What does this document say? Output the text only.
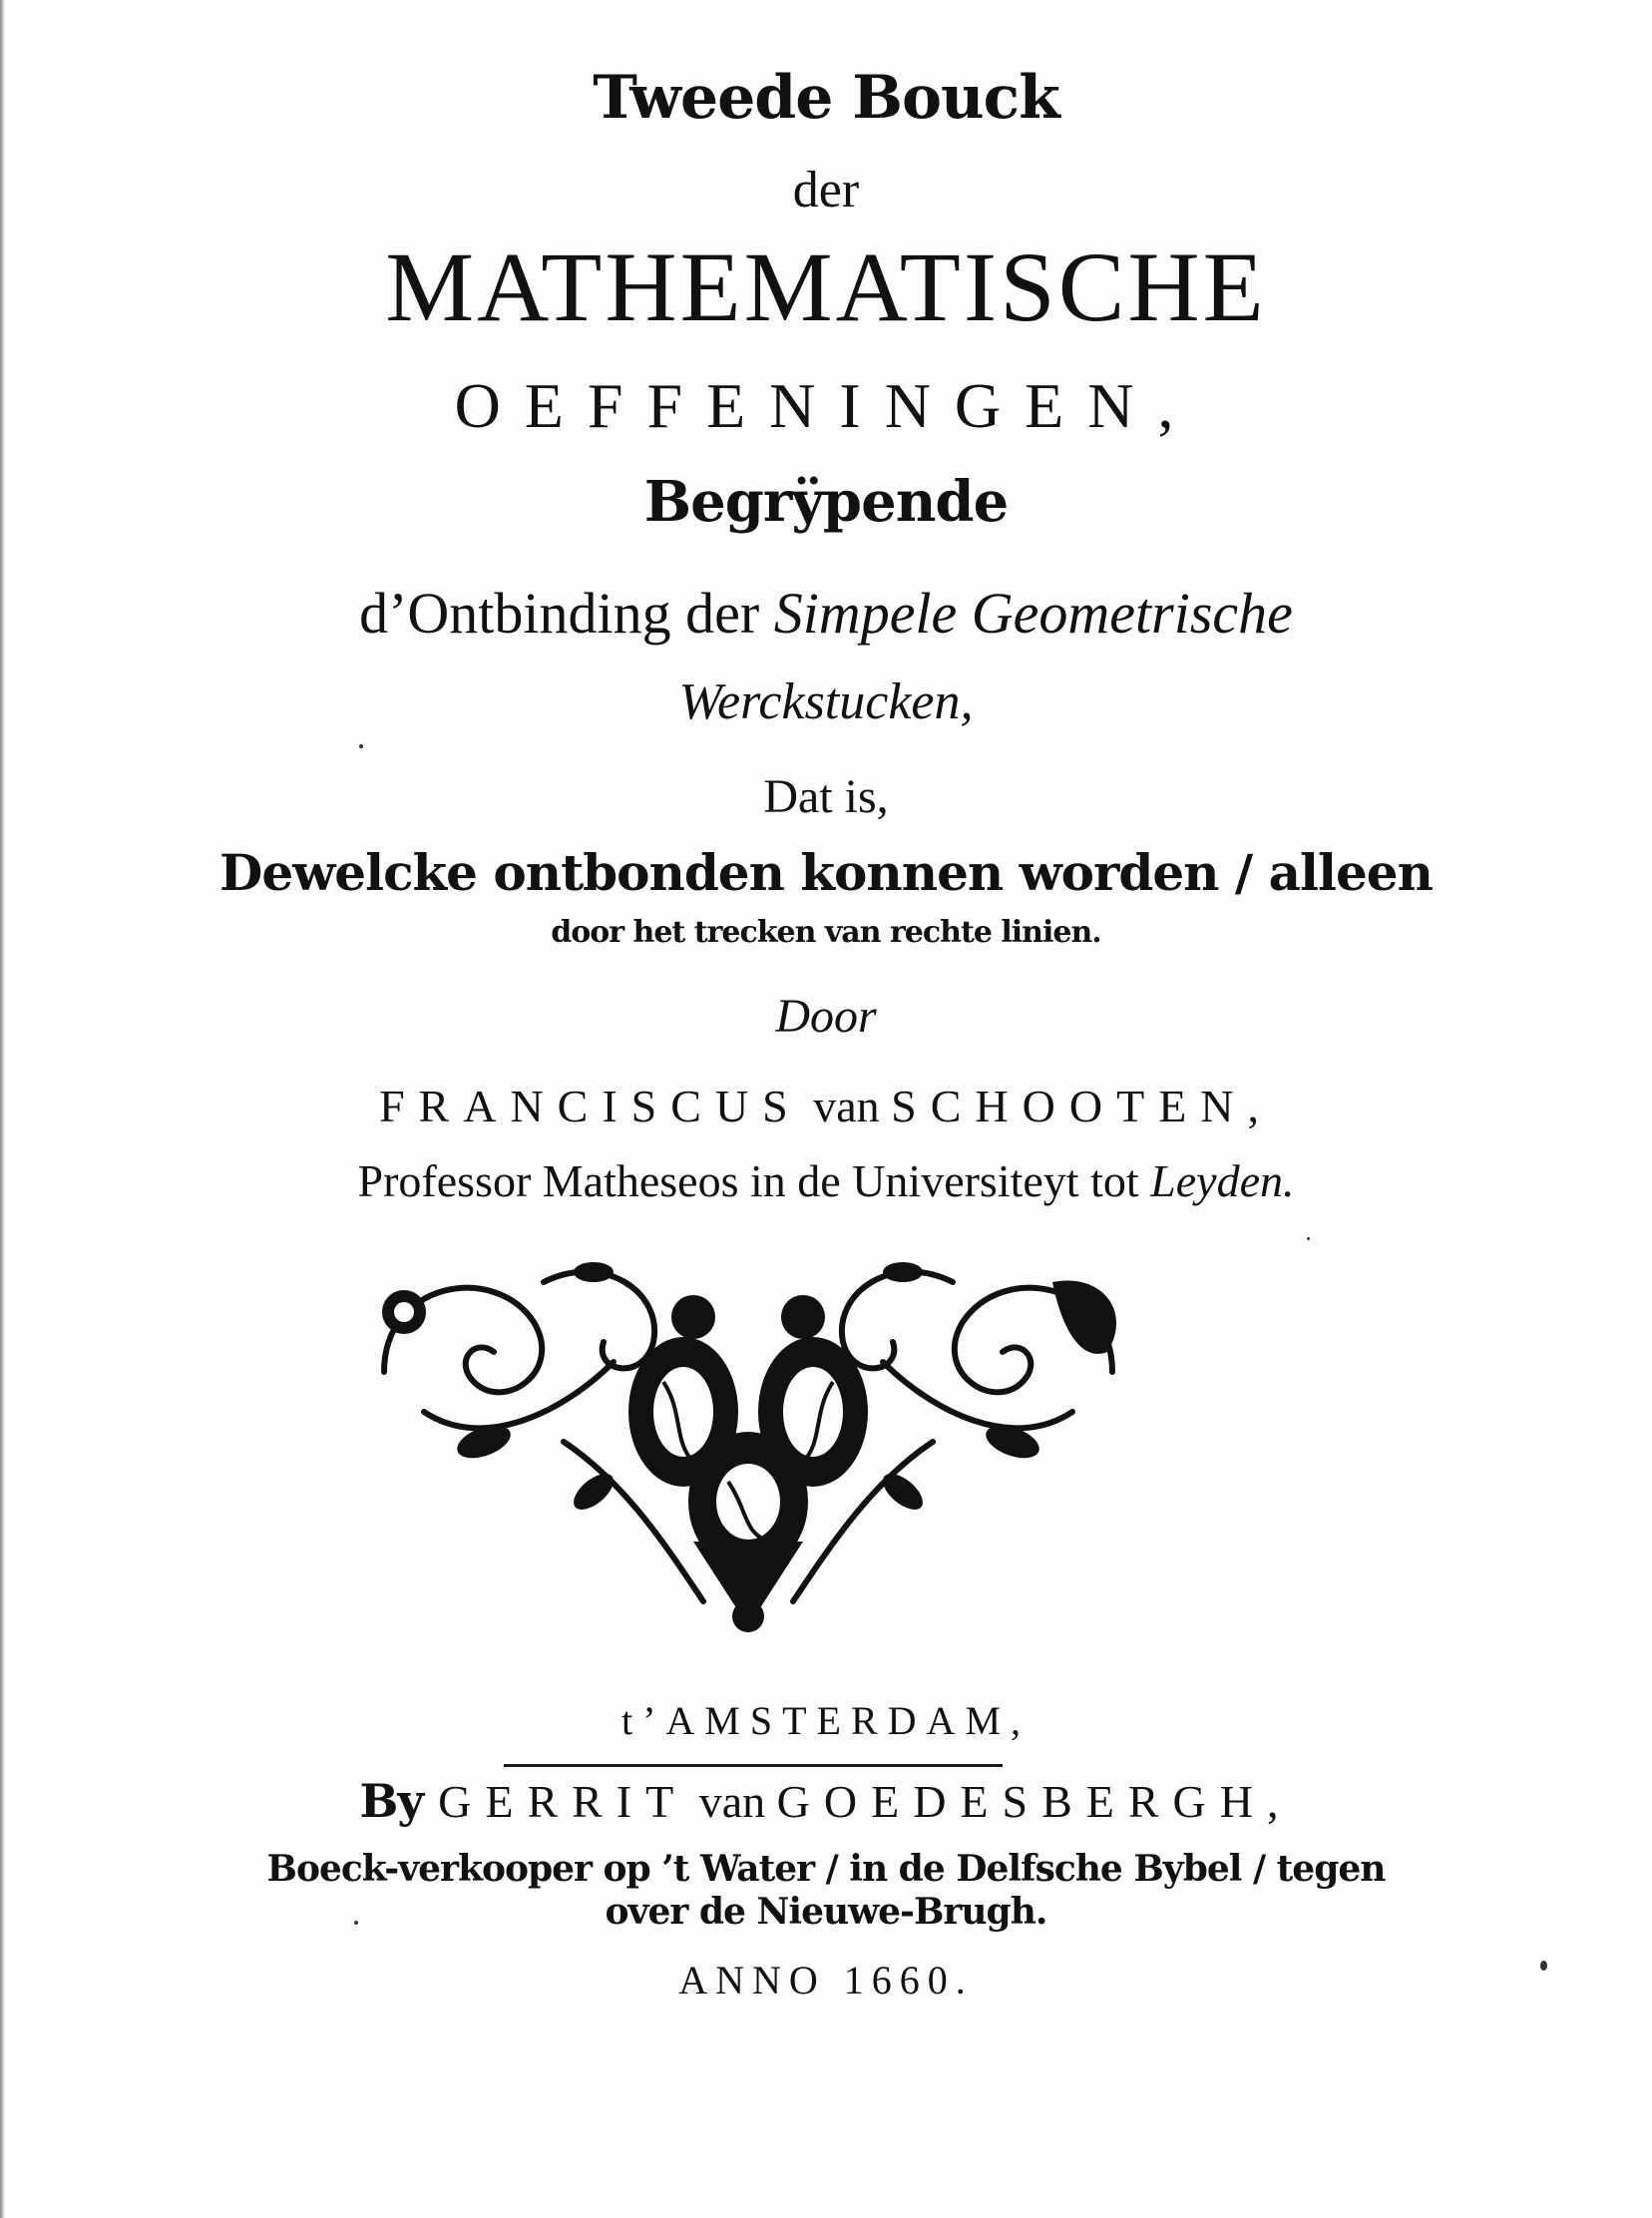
Tweede Bouck
der
MATHEMATISCHE
OEFFENINGEN,
Begrÿpende
d’Ontbinding der Simpele Geometrische
Werckstucken,
Dat is,
Dewelcke ontbonden konnen worden / alleen
door het trecken van rechte linien.
Door
FRANCISCUS van SCHOOTEN,
Professor Matheseos in de Universiteyt tot Leyden.
t’AMSTERDAM,
By GERRIT van GOEDESBERGH,
Boeck-verkooper op ’t Water / in de Delfsche Bybel / tegen
over de Nieuwe-Brugh.
ANNO 1660.
